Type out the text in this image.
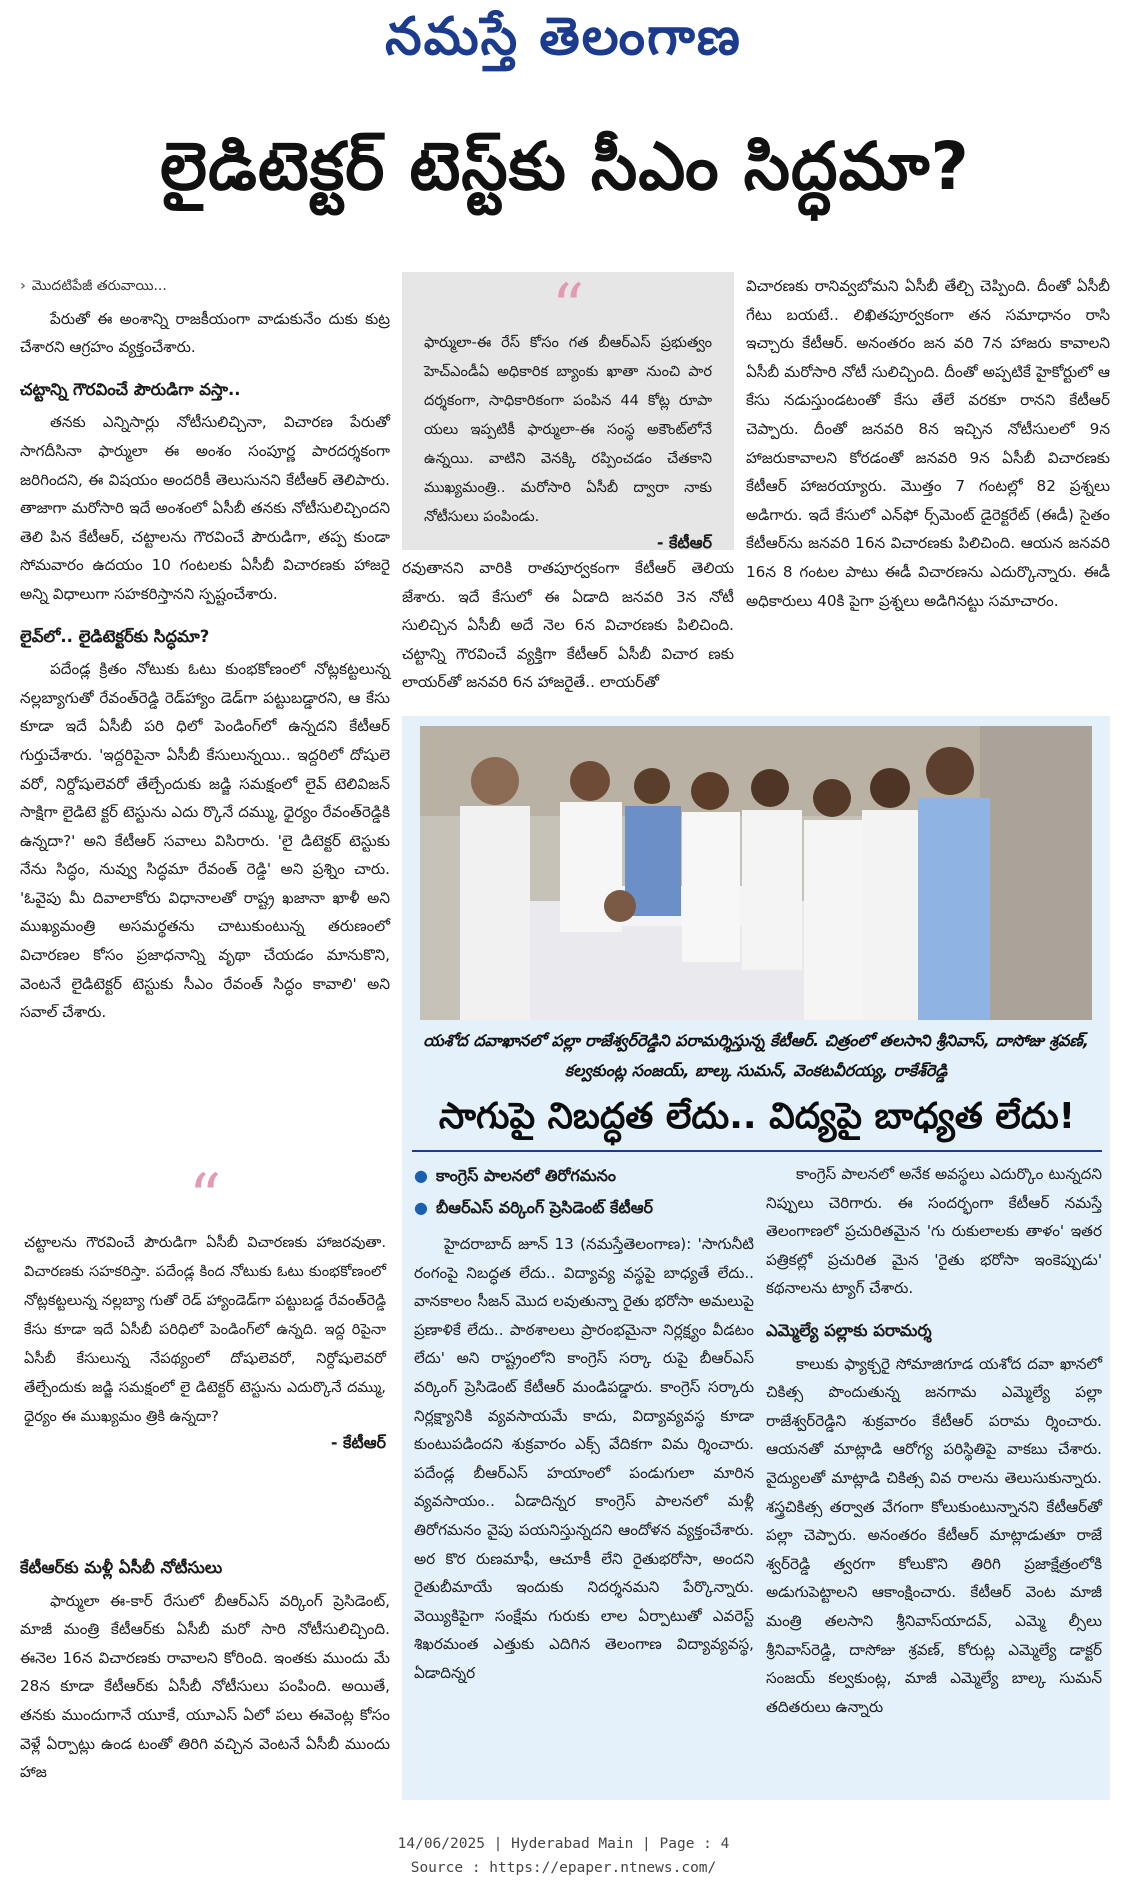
నమస్తే తెలంగాణ
లైడిటెక్టర్ టెస్ట్‌కు సీఎం సిద్ధమా?
› మొదటిపేజీ తరువాయి...

పేరుతో ఈ అంశాన్ని రాజకీయంగా వాడుకునేం దుకు కుట్ర చేశారని ఆగ్రహం వ్యక్తంచేశారు.

చట్టాన్ని గౌరవించే పౌరుడిగా వస్తా..

తనకు ఎన్నిసార్లు నోటీసులిచ్చినా, విచారణ పేరుతో సాగదీసినా ఫార్ములా ఈ అంశం సంపూర్ణ పారదర్శకంగా జరిగిందని, ఈ విషయం అందరికీ తెలుసునని కేటీఆర్ తెలిపారు. తాజాగా మరోసారి ఇదే అంశంలో ఏసీబీ తనకు నోటీసులిచ్చిందని తెలి పిన కేటీఆర్, చట్టాలను గౌరవించే పౌరుడిగా, తప్ప కుండా సోమవారం ఉదయం 10 గంటలకు ఏసీబీ విచారణకు హాజరై అన్ని విధాలుగా సహకరిస్తానని స్పష్టంచేశారు.

లైవ్‌లో.. లైడిటెక్టర్‌కు సిద్ధమా?

పదేండ్ల క్రితం నోటుకు ఓటు కుంభకోణంలో నోట్లకట్టలున్న నల్లబ్యాగుతో రేవంత్‌రెడ్డి రెడ్‌హ్యాం డెడ్‌గా పట్టుబడ్డారని, ఆ కేసు కూడా ఇదే ఏసీబీ పరి ధిలో పెండింగ్‌లో ఉన్నదని కేటీఆర్ గుర్తుచేశారు. 'ఇద్దరిపైనా ఏసీబీ కేసులున్నయి.. ఇద్దరిలో దోషులె వరో, నిర్దోషులెవరో తేల్చేందుకు జడ్జి సమక్షంలో లైవ్ టెలివిజన్ సాక్షిగా లైడిటె క్టర్ టెస్టును ఎదు ర్కొనే దమ్ము, ధైర్యం రేవంత్‌రెడ్డికి ఉన్నదా?' అని కేటీఆర్ సవాలు విసిరారు. 'లై డిటెక్టర్ టెస్టుకు నేను సిద్ధం, నువ్వు సిద్ధమా రేవంత్ రెడ్డి' అని ప్రశ్నిం చారు. 'ఓవైపు మీ దివాలాకోరు విధానాలతో రాష్ట్ర ఖజానా ఖాళీ అని ముఖ్యమంత్రి అసమర్థతను చాటుకుంటున్న తరుణంలో విచారణల కోసం ప్రజాధనాన్ని వృథా చేయడం మానుకొని, వెంటనే లైడిటెక్టర్ టెస్టుకు సీఎం రేవంత్ సిద్ధం కావాలి' అని సవాల్ చేశారు.

“
చట్టాలను గౌరవించే పౌరుడిగా ఏసీబీ విచారణకు హాజరవుతా. విచారణకు సహకరిస్తా. పదేండ్ల కింద నోటుకు ఓటు కుంభకోణంలో నోట్లకట్టలున్న నల్లబ్యా గుతో రెడ్ హ్యాండెడ్‌గా పట్టుబడ్డ రేవంత్‌రెడ్డి కేసు కూడా ఇదే ఏసీబీ పరిధిలో పెండింగ్‌లో ఉన్నది. ఇద్ద రిపైనా ఏసీబీ కేసులున్న నేపథ్యంలో దోషులెవరో, నిర్దోషులెవరో తేల్చేందుకు జడ్జి సమక్షంలో లై డిటెక్టర్ టెస్టును ఎదుర్కొనే దమ్ము, ధైర్యం ఈ ముఖ్యమం త్రికి ఉన్నదా?
- కేటీఆర్
కేటీఆర్‌కు మళ్లీ ఏసీబీ నోటీసులు

ఫార్ములా ఈ-కార్ రేసులో బీఆర్‌ఎస్ వర్కింగ్ ప్రెసిడెంట్, మాజీ మంత్రి కేటీఆర్‌కు ఏసీబీ మరో సారి నోటీసులిచ్చింది. ఈనెల 16న విచారణకు రావాలని కోరింది. ఇంతకు ముందు మే 28న కూడా కేటీఆర్‌కు ఏసీబీ నోటీసులు పంపింది. అయితే, తనకు ముందుగానే యూకే, యూఎస్ ఏలో పలు ఈవెంట్ల కోసం వెళ్లే ఏర్పాట్లు ఉండ టంతో తిరిగి వచ్చిన వెంటనే ఏసీబీ ముందు హాజ

“
ఫార్ములా-ఈ రేస్ కోసం గత బీఆర్‌ఎస్ ప్రభుత్వం హెచ్‌ఎండీఏ అధికారిక బ్యాంకు ఖాతా నుంచి పార దర్శకంగా, సాధికారికంగా పంపిన 44 కోట్ల రూపా యలు ఇప్పటికీ ఫార్ములా-ఈ సంస్థ అకౌంట్‌లోనే ఉన్నయి. వాటిని వెనక్కి రప్పించడం చేతకాని ముఖ్యమంత్రి.. మరోసారి ఏసీబీ ద్వారా నాకు నోటీసులు పంపిండు.
- కేటీఆర్

రవుతానని వారికి రాతపూర్వకంగా కేటీఆర్ తెలియ జేశారు. ఇదే కేసులో ఈ ఏడాది జనవరి 3న నోటీ సులిచ్చిన ఏసీబీ అదే నెల 6న విచారణకు పిలిచింది. చట్టాన్ని గౌరవించే వ్యక్తిగా కేటీఆర్ ఏసీబీ విచార ణకు లాయర్‌తో జనవరి 6న హాజరైతే.. లాయర్‌తో

విచారణకు రానివ్వబోమని ఏసీబీ తేల్చి చెప్పింది. దీంతో ఏసీబీ గేటు బయటే.. లిఖితపూర్వకంగా తన సమాధానం రాసి ఇచ్చారు కేటీఆర్. అనంతరం జన వరి 7న హాజరు కావాలని ఏసీబీ మరోసారి నోటీ సులిచ్చింది. దీంతో అప్పటికే హైకోర్టులో ఆ కేసు నడుస్తుండటంతో కేసు తేలే వరకూ రానని కేటీఆర్ చెప్పారు. దీంతో జనవరి 8న ఇచ్చిన నోటీసులలో 9న హాజరుకావాలని కోరడంతో జనవరి 9న ఏసీబీ విచారణకు కేటీఆర్ హాజరయ్యారు. మొత్తం 7 గంటల్లో 82 ప్రశ్నలు అడిగారు. ఇదే కేసులో ఎన్‌ఫో ర్స్‌మెంట్ డైరెక్టరేట్ (ఈడీ) సైతం కేటీఆర్‌ను జనవరి 16న విచారణకు పిలిచింది. ఆయన జనవరి 16న 8 గంటల పాటు ఈడీ విచారణను ఎదుర్కొన్నారు. ఈడీ అధికారులు 40కి పైగా ప్రశ్నలు అడిగినట్టు సమాచారం.

యశోద దవాఖానలో పల్లా రాజేశ్వర్‌రెడ్డిని పరామర్శిస్తున్న కేటీఆర్. చిత్రంలో తలసాని శ్రీనివాస్, దాసోజు శ్రవణ్, కల్వకుంట్ల సంజయ్, బాల్క సుమన్, వెంకటవీరయ్య, రాకేశ్‌రెడ్డి
సాగుపై నిబద్ధత లేదు.. విద్యపై బాధ్యత లేదు!
● కాంగ్రెస్ పాలనలో తిరోగమనం
● బీఆర్‌ఎస్ వర్కింగ్ ప్రెసిడెంట్ కేటీఆర్

హైదరాబాద్ జూన్ 13 (నమస్తేతెలంగాణ): 'సాగునీటి రంగంపై నిబద్ధత లేదు.. విద్యావ్య వస్థపై బాధ్యతే లేదు.. వానకాలం సీజన్ మొద లవుతున్నా రైతు భరోసా అమలుపై ప్రణాళికే లేదు.. పాఠశాలలు ప్రారంభమైనా నిర్లక్ష్యం వీడటం లేదు' అని రాష్ట్రంలోని కాంగ్రెస్ సర్కా రుపై బీఆర్‌ఎస్ వర్కింగ్ ప్రెసిడెంట్ కేటీఆర్ మండిపడ్డారు. కాంగ్రెస్ సర్కారు నిర్లక్ష్యానికి వ్యవసాయమే కాదు, విద్యావ్యవస్థ కూడా కుంటుపడిందని శుక్రవారం ఎక్స్ వేదికగా విమ ర్శించారు. పదేండ్ల బీఆర్‌ఎస్ హయాంలో పండుగులా మారిన వ్యవసాయం.. ఏడాదిన్నర కాంగ్రెస్ పాలనలో మళ్లీ తిరోగమనం వైపు పయనిస్తున్నదని ఆందోళన వ్యక్తంచేశారు. అర కొర రుణమాఫీ, ఆచూకీ లేని రైతుభరోసా, అందని రైతుబీమాయే ఇందుకు నిదర్శనమని పేర్కొన్నారు. వెయ్యికిపైగా సంక్షేమ గురుకు లాల ఏర్పాటుతో ఎవరెస్ట్ శిఖరమంత ఎత్తుకు ఎదిగిన తెలంగాణ విద్యావ్యవస్థ, ఏడాదిన్నర

కాంగ్రెస్ పాలనలో అనేక అవస్థలు ఎదుర్కొం టున్నదని నిప్పులు చెరిగారు. ఈ సందర్భంగా కేటీఆర్ నమస్తే తెలంగాణలో ప్రచురితమైన 'గు రుకులాలకు తాళం' ఇతర పత్రికల్లో ప్రచురిత మైన 'రైతు భరోసా ఇంకెప్పుడు' కథనాలను ట్యాగ్ చేశారు.

ఎమ్మెల్యే పల్లాకు పరామర్శ

కాలుకు ఫ్యాక్చరై సోమాజిగూడ యశోద దవా ఖానలో చికిత్స పొందుతున్న జనగామ ఎమ్మెల్యే పల్లా రాజేశ్వర్‌రెడ్డిని శుక్రవారం కేటీఆర్ పరామ ర్శించారు. ఆయనతో మాట్లాడి ఆరోగ్య పరిస్థితిపై వాకబు చేశారు. వైద్యులతో మాట్లాడి చికిత్స వివ రాలను తెలుసుకున్నారు. శస్త్రచికిత్స తర్వాత వేగంగా కోలుకుంటున్నానని కేటీఆర్‌తో పల్లా చెప్పారు. అనంతరం కేటీఆర్ మాట్లాడుతూ రాజే శ్వర్‌రెడ్డి త్వరగా కోలుకొని తిరిగి ప్రజాక్షేత్రంలోకి అడుగుపెట్టాలని ఆకాంక్షించారు. కేటీఆర్ వెంట మాజీ మంత్రి తలసాని శ్రీనివాస్‌యాదవ్, ఎమ్మె ల్సీలు శ్రీనివాస్‌రెడ్డి, దాసోజు శ్రవణ్, కోరుట్ల ఎమ్మెల్యే డాక్టర్ సంజయ్ కల్వకుంట్ల, మాజీ ఎమ్మెల్యే బాల్క సుమన్ తదితరులు ఉన్నారు

14/06/2025 | Hyderabad Main | Page : 4
Source : https://epaper.ntnews.com/
